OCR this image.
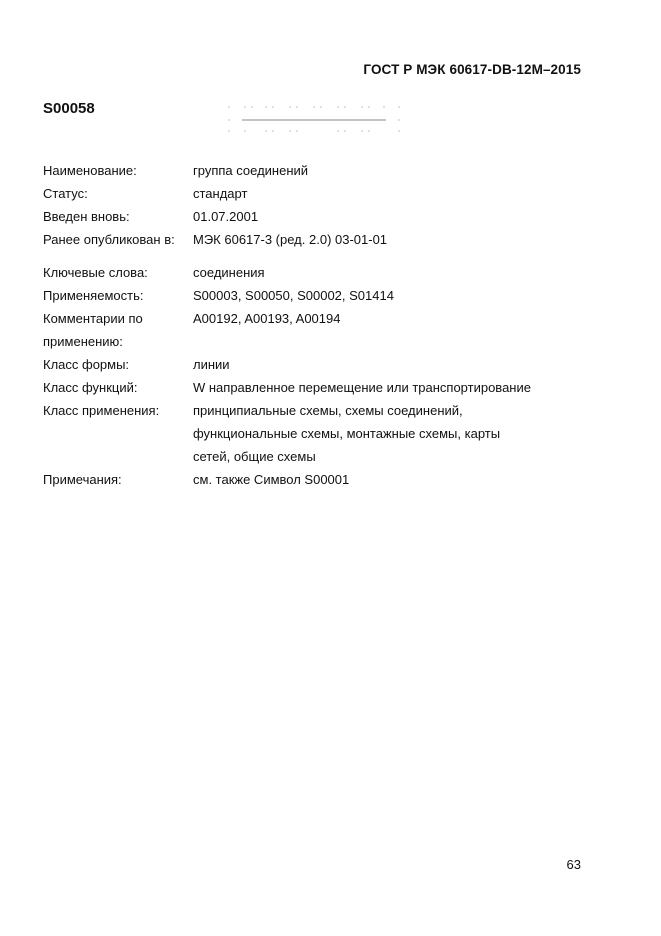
ГОСТ Р МЭК 60617-DB-12M–2015
S00058
Наименование:	группа соединений
Статус:	стандарт
Введен вновь:	01.07.2001
Ранее опубликован в:	МЭК 60617-3 (ред. 2.0) 03-01-01
Ключевые слова:	соединения
Применяемость:	S00003, S00050, S00002, S01414
Комментарии по применению:
A00192, A00193, A00194
Класс формы:	линии
Класс функций:	W направленное перемещение или транспортирование
Класс применения:	принципиальные схемы, схемы соединений, функциональные схемы, монтажные схемы, карты сетей, общие схемы
Примечания:	см. также Символ S00001
63
